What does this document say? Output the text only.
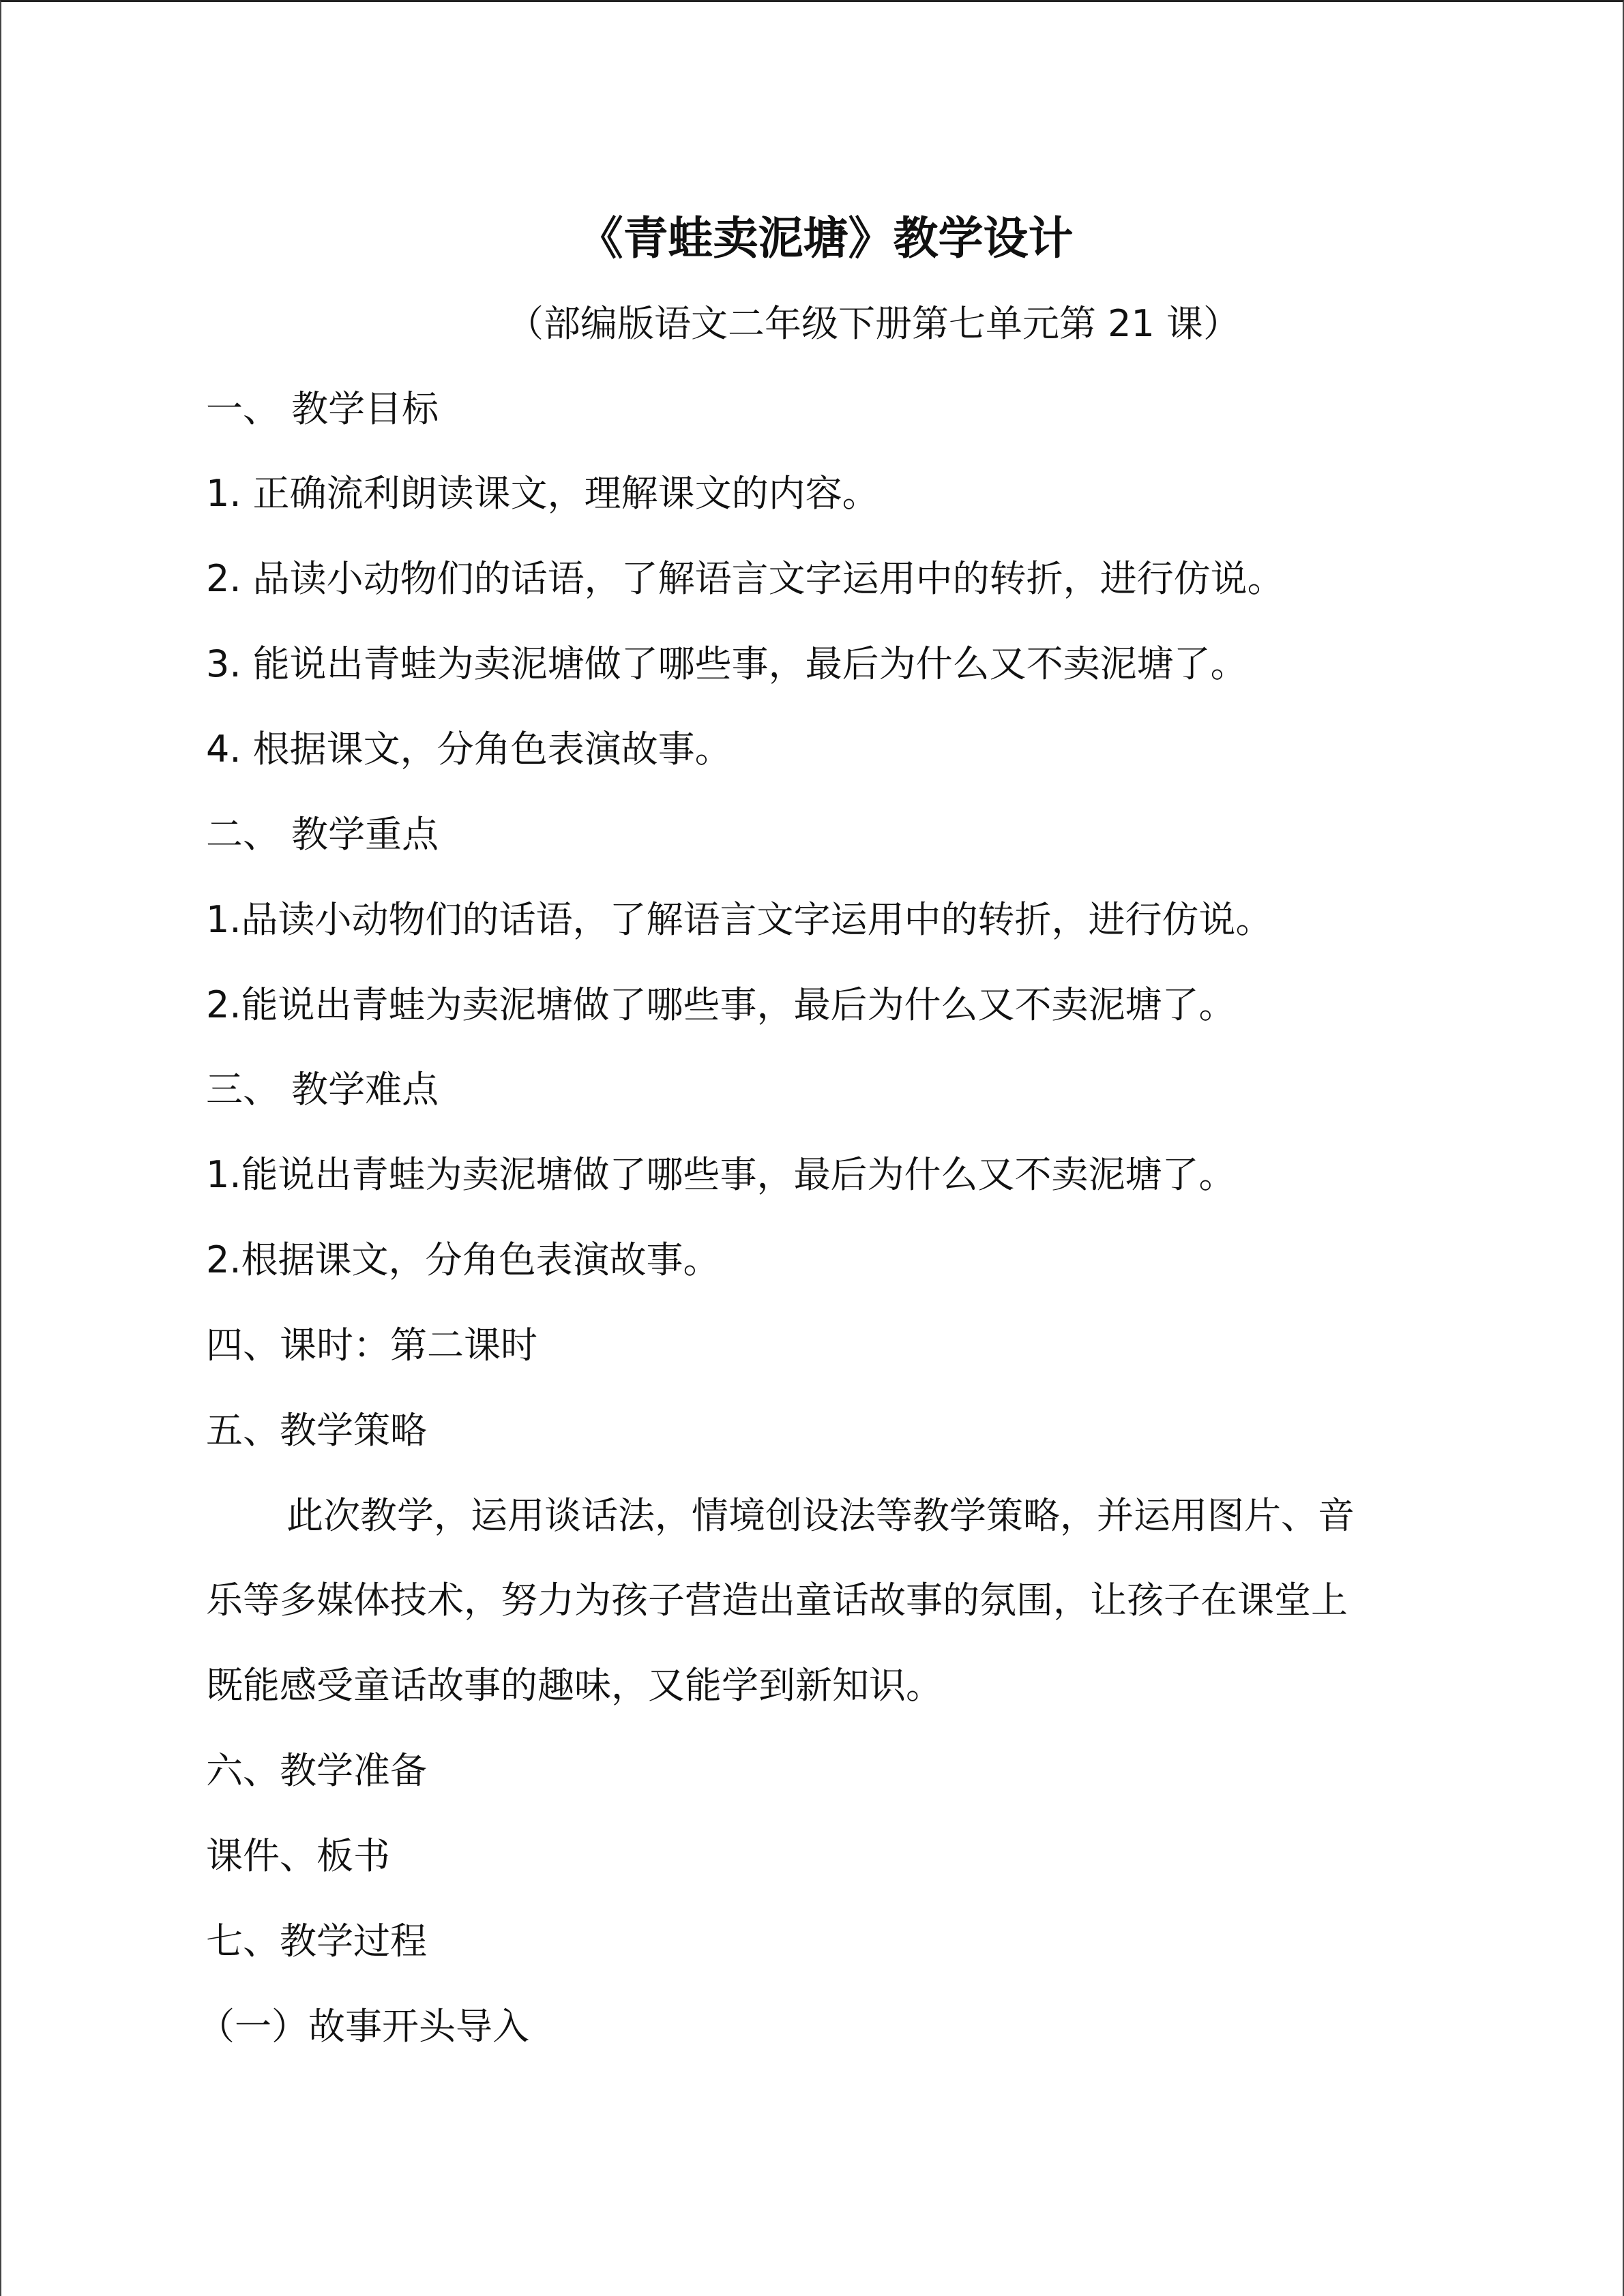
《青蛙卖泥塘》教学设计
（部编版语文二年级下册第七单元第 21 课）
一、 教学目标
1. 正确流利朗读课文，理解课文的内容。
2. 品读小动物们的话语，了解语言文字运用中的转折，进行仿说。
3. 能说出青蛙为卖泥塘做了哪些事，最后为什么又不卖泥塘了。
4. 根据课文，分角色表演故事。
二、 教学重点
1.品读小动物们的话语，了解语言文字运用中的转折，进行仿说。
2.能说出青蛙为卖泥塘做了哪些事，最后为什么又不卖泥塘了。
三、 教学难点
1.能说出青蛙为卖泥塘做了哪些事，最后为什么又不卖泥塘了。
2.根据课文，分角色表演故事。
四、课时：第二课时
五、教学策略
此次教学，运用谈话法，情境创设法等教学策略，并运用图片、音
乐等多媒体技术，努力为孩子营造出童话故事的氛围，让孩子在课堂上
既能感受童话故事的趣味，又能学到新知识。
六、教学准备
课件、板书
七、教学过程
（一）故事开头导入
